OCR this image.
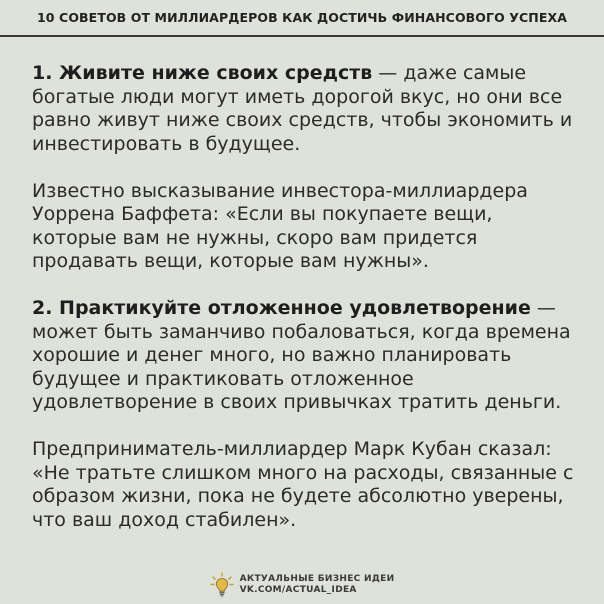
10 СОВЕТОВ ОТ МИЛЛИАРДЕРОВ КАК ДОСТИЧЬ ФИНАНСОВОГО УСПЕХА

1. Живите ниже своих средств — даже самые богатые люди могут иметь дорогой вкус, но они все равно живут ниже своих средств, чтобы экономить и инвестировать в будущее.

Известно высказывание инвестора-миллиардера Уоррена Баффета: «Если вы покупаете вещи, которые вам не нужны, скоро вам придется продавать вещи, которые вам нужны».

2. Практикуйте отложенное удовлетворение — может быть заманчиво побаловаться, когда времена хорошие и денег много, но важно планировать будущее и практиковать отложенное удовлетворение в своих привычках тратить деньги.

Предприниматель-миллиардер Марк Кубан сказал: «Не тратьте слишком много на расходы, связанные с образом жизни, пока не будете абсолютно уверены, что ваш доход стабилен».

АКТУАЛЬНЫЕ БИЗНЕС ИДЕИ
VK.COM/ACTUAL_IDEA
